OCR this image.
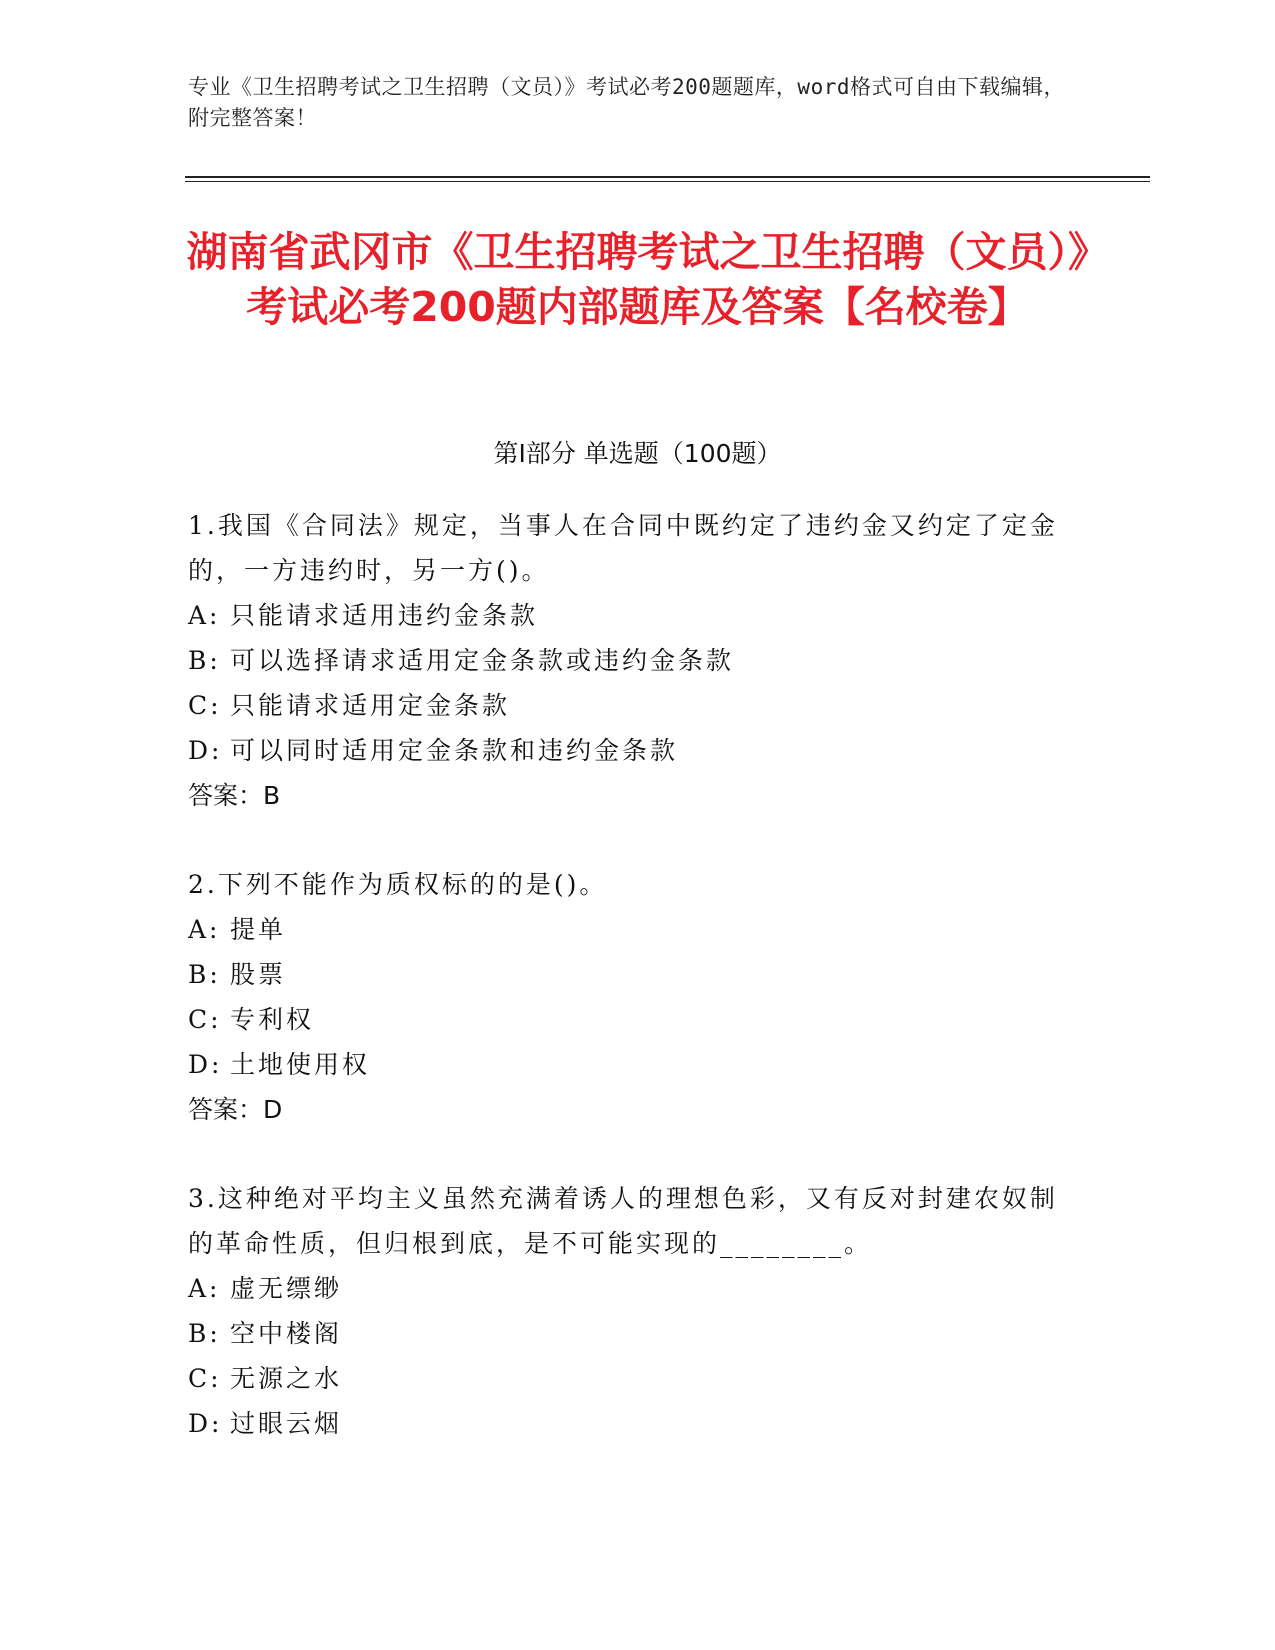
专业《卫生招聘考试之卫生招聘（文员）》考试必考200题题库，word格式可自由下载编辑，附完整答案！
湖南省武冈市《卫生招聘考试之卫生招聘（文员）》考试必考200题内部题库及答案【名校卷】
第I部分 单选题（100题）

1.我国《合同法》规定，当事人在合同中既约定了违约金又约定了定金的，一方违约时，另一方()。

A: 只能请求适用违约金条款

B: 可以选择请求适用定金条款或违约金条款

C: 只能请求适用定金条款

D: 可以同时适用定金条款和违约金条款

答案：B

2.下列不能作为质权标的的是()。

A: 提单

B: 股票

C: 专利权

D: 土地使用权

答案：D

3.这种绝对平均主义虽然充满着诱人的理想色彩，又有反对封建农奴制的革命性质，但归根到底，是不可能实现的________。

A: 虚无缥缈

B: 空中楼阁

C: 无源之水

D: 过眼云烟
